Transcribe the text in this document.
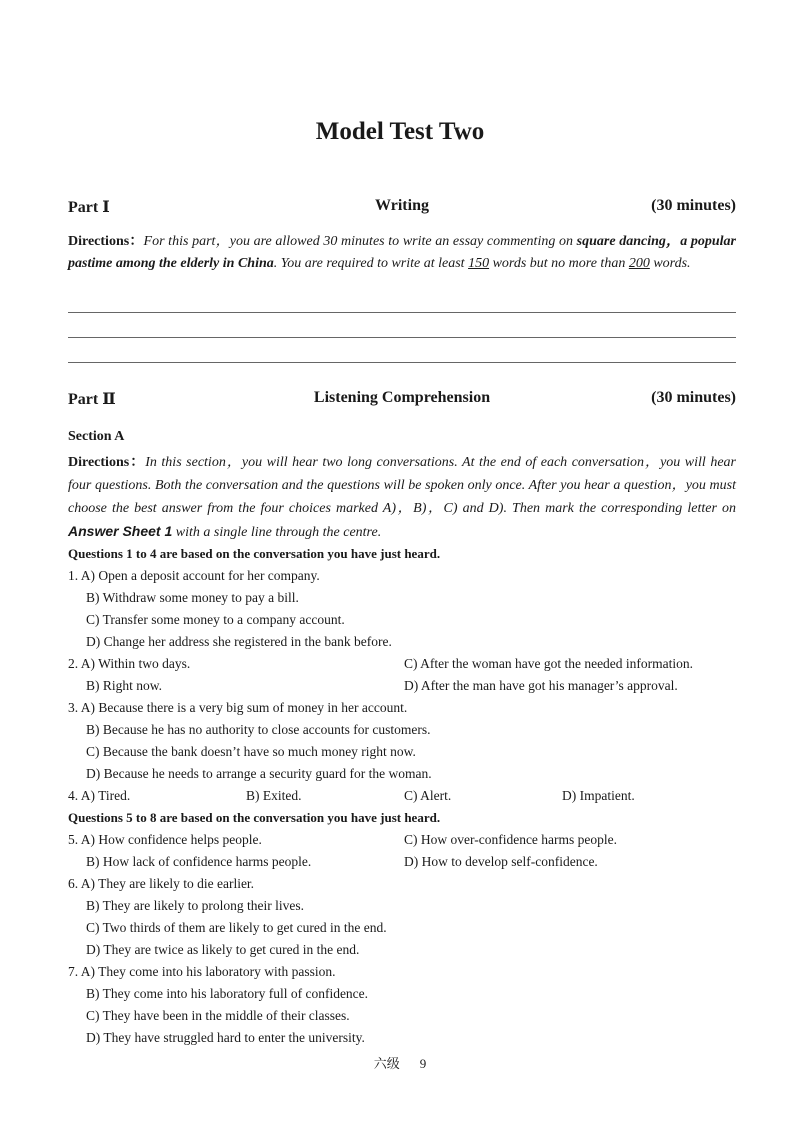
Model Test Two
Writing
Part Ⅰ	(30 minutes)
Directions：For this part，you are allowed 30 minutes to write an essay commenting on square dancing，a popular pastime among the elderly in China. You are required to write at least 150 words but no more than 200 words.
Listening Comprehension
Part Ⅱ	(30 minutes)
Section A
Directions：In this section，you will hear two long conversations. At the end of each conversation，you will hear four questions. Both the conversation and the questions will be spoken only once. After you hear a question，you must choose the best answer from the four choices marked A)，B)，C) and D). Then mark the corresponding letter on Answer Sheet 1 with a single line through the centre.
Questions 1 to 4 are based on the conversation you have just heard.
1. A) Open a deposit account for her company.
B) Withdraw some money to pay a bill.
C) Transfer some money to a company account.
D) Change her address she registered in the bank before.
2. A) Within two days.	C) After the woman have got the needed information.
B) Right now.	D) After the man have got his manager’s approval.
3. A) Because there is a very big sum of money in her account.
B) Because he has no authority to close accounts for customers.
C) Because the bank doesn’t have so much money right now.
D) Because he needs to arrange a security guard for the woman.
4. A) Tired.	B) Exited.	C) Alert.	D) Impatient.
Questions 5 to 8 are based on the conversation you have just heard.
5. A) How confidence helps people.	C) How over-confidence harms people.
B) How lack of confidence harms people.	D) How to develop self-confidence.
6. A) They are likely to die earlier.
B) They are likely to prolong their lives.
C) Two thirds of them are likely to get cured in the end.
D) They are twice as likely to get cured in the end.
7. A) They come into his laboratory with passion.
B) They come into his laboratory full of confidence.
C) They have been in the middle of their classes.
D) They have struggled hard to enter the university.
六级 9
